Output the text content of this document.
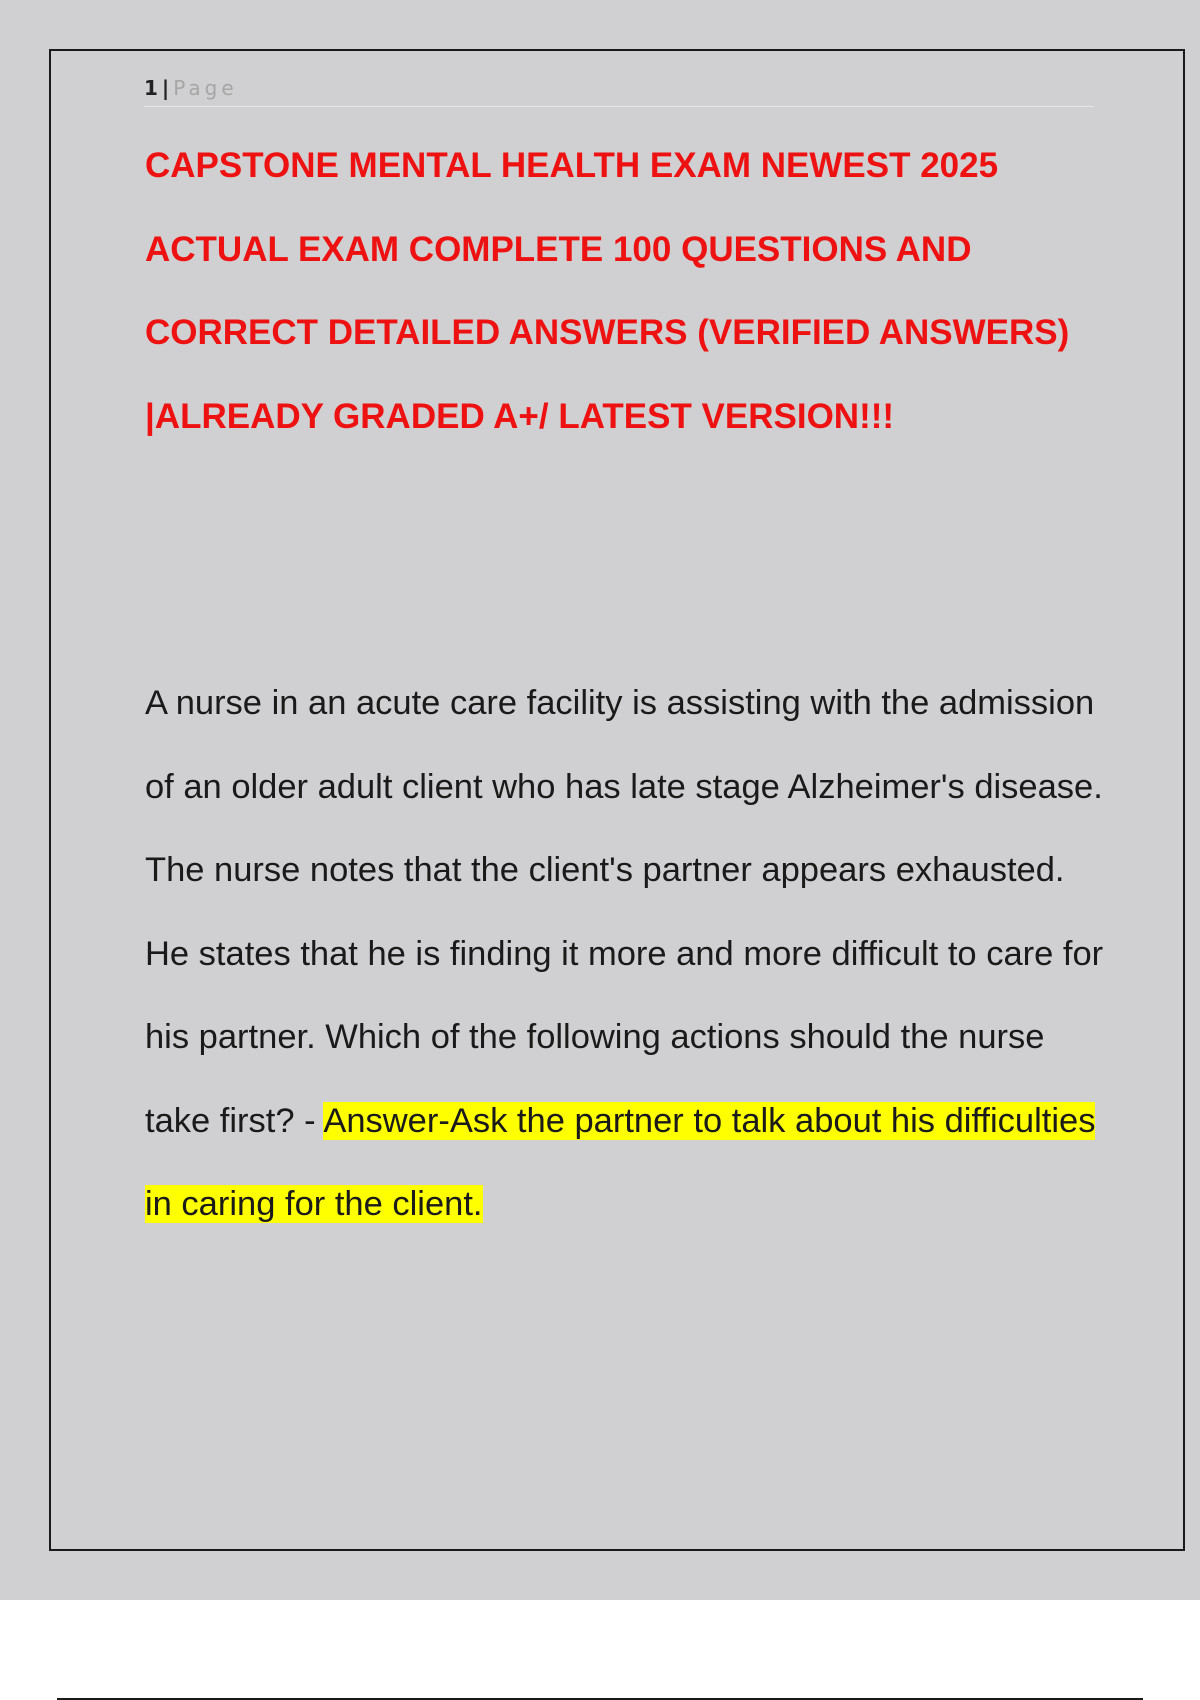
1 | Page
CAPSTONE MENTAL HEALTH EXAM NEWEST 2025 ACTUAL EXAM COMPLETE 100 QUESTIONS AND CORRECT DETAILED ANSWERS (VERIFIED ANSWERS) |ALREADY GRADED A+/ LATEST VERSION!!!

A nurse in an acute care facility is assisting with the admission of an older adult client who has late stage Alzheimer's disease. The nurse notes that the client's partner appears exhausted. He states that he is finding it more and more difficult to care for his partner. Which of the following actions should the nurse take first? - Answer-Ask the partner to talk about his difficulties in caring for the client.
